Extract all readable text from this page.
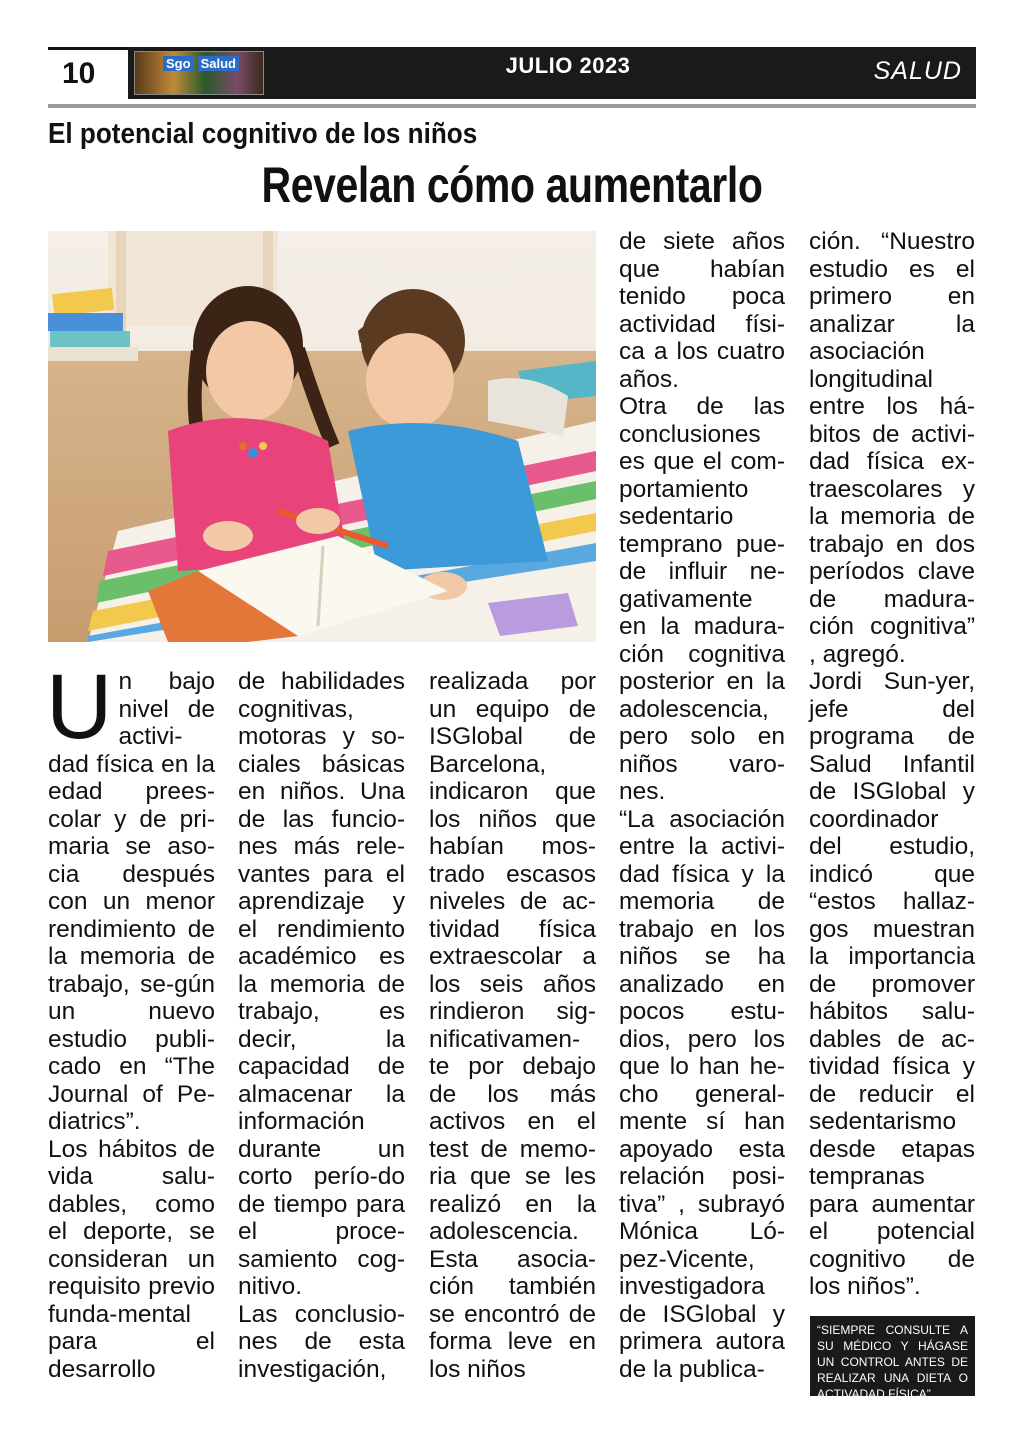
10	Sgo Salud	JULIO 2023	SALUD
El potencial cognitivo de los niños
Revelan cómo aumentarlo

Un bajo nivel de activi-dad física en la edad prees-colar y de pri-maria se aso-cia después con un menor rendimiento de la memoria de trabajo, se-gún un nuevo estudio publi-cado en “The Journal of Pe-diatrics”.

Los hábitos de vida salu-dables, como el deporte, se consideran un requisito previo funda-mental para el desarrollo

de habilidades cognitivas, motoras y so-ciales básicas en niños. Una de las funcio-nes más rele-vantes para el aprendizaje y el rendimiento académico es la memoria de trabajo, es decir, la capacidad de almacenar la información durante un corto perío-do de tiempo para el proce-samiento cog-nitivo.

Las conclusio-nes de esta investigación,

realizada por un equipo de ISGlobal de Barcelona, indicaron que los niños que habían mos-trado escasos niveles de ac-tividad física extraescolar a los seis años rindieron sig-nificativamen-te por debajo de los más activos en el test de memo-ria que se les realizó en la adolescencia.

Esta asocia-ción también se encontró de forma leve en los niños

de siete años que habían tenido poca actividad físi-ca a los cuatro años.

Otra de las conclusiones es que el com-portamiento sedentario temprano pue-de influir ne-gativamente en la madura-ción cognitiva posterior en la adolescencia, pero solo en niños varo-nes.

“La asociación entre la activi-dad física y la memoria de trabajo en los niños se ha analizado en pocos estu-dios, pero los que lo han he-cho general-mente sí han apoyado esta relación posi-tiva” , subrayó Mónica Ló-pez-Vicente, investigadora de ISGlobal y primera autora de la publica-

ción. “Nuestro estudio es el primero en analizar la asociación longitudinal entre los há-bitos de activi-dad física ex-traescolares y la memoria de trabajo en dos períodos clave de madura-ción cognitiva” , agregó.

Jordi Sun-yer, jefe del programa de Salud Infantil de ISGlobal y coordinador del estudio, indicó que “estos hallaz-gos muestran la importancia de promover hábitos salu-dables de ac-tividad física y de reducir el sedentarismo desde etapas tempranas para aumentar el potencial cognitivo de los niños”.

“SIEMPRE CONSULTE A SU MÉDICO Y HÁGASE UN CONTROL ANTES DE REALIZAR UNA DIETA O ACTIVADAD FÍSICA”
